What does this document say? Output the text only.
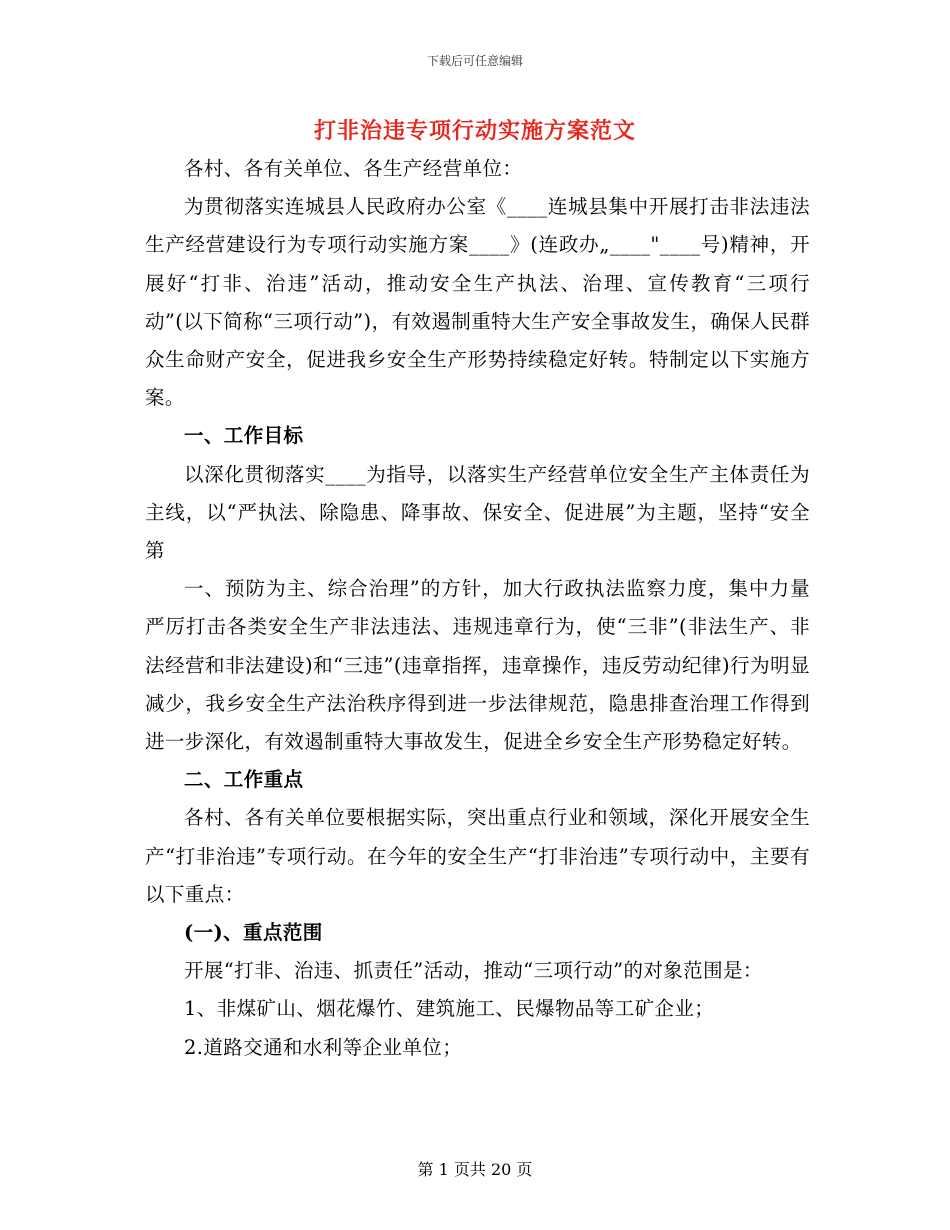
下载后可任意编辑
打非治违专项行动实施方案范文

各村、各有关单位、各生产经营单位：

为贯彻落实连城县人民政府办公室《____连城县集中开展打击非法违法生产经营建设行为专项行动实施方案____》(连政办„____"____号)精神，开展好“打非、治违”活动，推动安全生产执法、治理、宣传教育“三项行动”(以下简称“三项行动”)，有效遏制重特大生产安全事故发生，确保人民群众生命财产安全，促进我乡安全生产形势持续稳定好转。特制定以下实施方案。

一、工作目标

以深化贯彻落实____为指导，以落实生产经营单位安全生产主体责任为主线，以“严执法、除隐患、降事故、保安全、促进展”为主题，坚持“安全第

一、预防为主、综合治理”的方针，加大行政执法监察力度，集中力量严厉打击各类安全生产非法违法、违规违章行为，使“三非”(非法生产、非法经营和非法建设)和“三违”(违章指挥，违章操作，违反劳动纪律)行为明显减少，我乡安全生产法治秩序得到进一步法律规范，隐患排查治理工作得到进一步深化，有效遏制重特大事故发生，促进全乡安全生产形势稳定好转。

二、工作重点

各村、各有关单位要根据实际，突出重点行业和领域，深化开展安全生产“打非治违”专项行动。在今年的安全生产“打非治违”专项行动中，主要有以下重点：

(一)、重点范围

开展“打非、治违、抓责任”活动，推动“三项行动”的对象范围是：

1、非煤矿山、烟花爆竹、建筑施工、民爆物品等工矿企业；

2.道路交通和水利等企业单位；

第 1 页共 20 页
